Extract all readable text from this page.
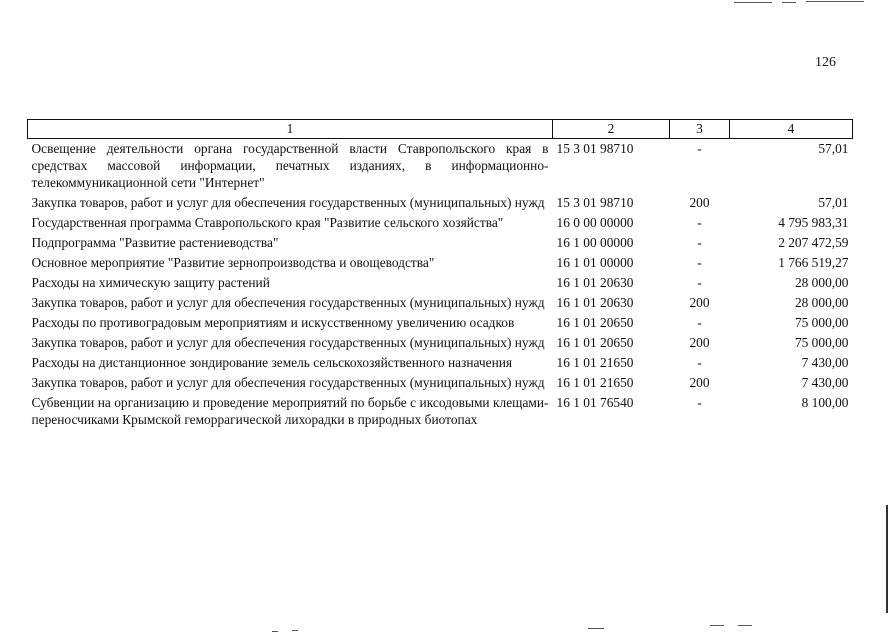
126
1	2	3	4
Освещение деятельности органа государственной власти Ставропольского края в средствах массовой информации, печатных изданиях, в информационно-телекоммуникационной сети "Интернет"	15 3 01 98710	-	57,01
Закупка товаров, работ и услуг для обеспечения государственных (муниципальных) нужд	15 3 01 98710	200	57,01
Государственная программа Ставропольского края "Развитие сельского хозяйства"	16 0 00 00000	-	4 795 983,31
Подпрограмма "Развитие растениеводства"	16 1 00 00000	-	2 207 472,59
Основное мероприятие "Развитие зернопроизводства и овощеводства"	16 1 01 00000	-	1 766 519,27
Расходы на химическую защиту растений	16 1 01 20630	-	28 000,00
Закупка товаров, работ и услуг для обеспечения государственных (муниципальных) нужд	16 1 01 20630	200	28 000,00
Расходы по противоградовым мероприятиям и искусственному увеличению осадков	16 1 01 20650	-	75 000,00
Закупка товаров, работ и услуг для обеспечения государственных (муниципальных) нужд	16 1 01 20650	200	75 000,00
Расходы на дистанционное зондирование земель сельскохозяйственного назначения	16 1 01 21650	-	7 430,00
Закупка товаров, работ и услуг для обеспечения государственных (муниципальных) нужд	16 1 01 21650	200	7 430,00
Субвенции на организацию и проведение мероприятий по борьбе с иксодовыми клещами-переносчиками Крымской геморрагической лихорадки в природных биотопах	16 1 01 76540	-	8 100,00
